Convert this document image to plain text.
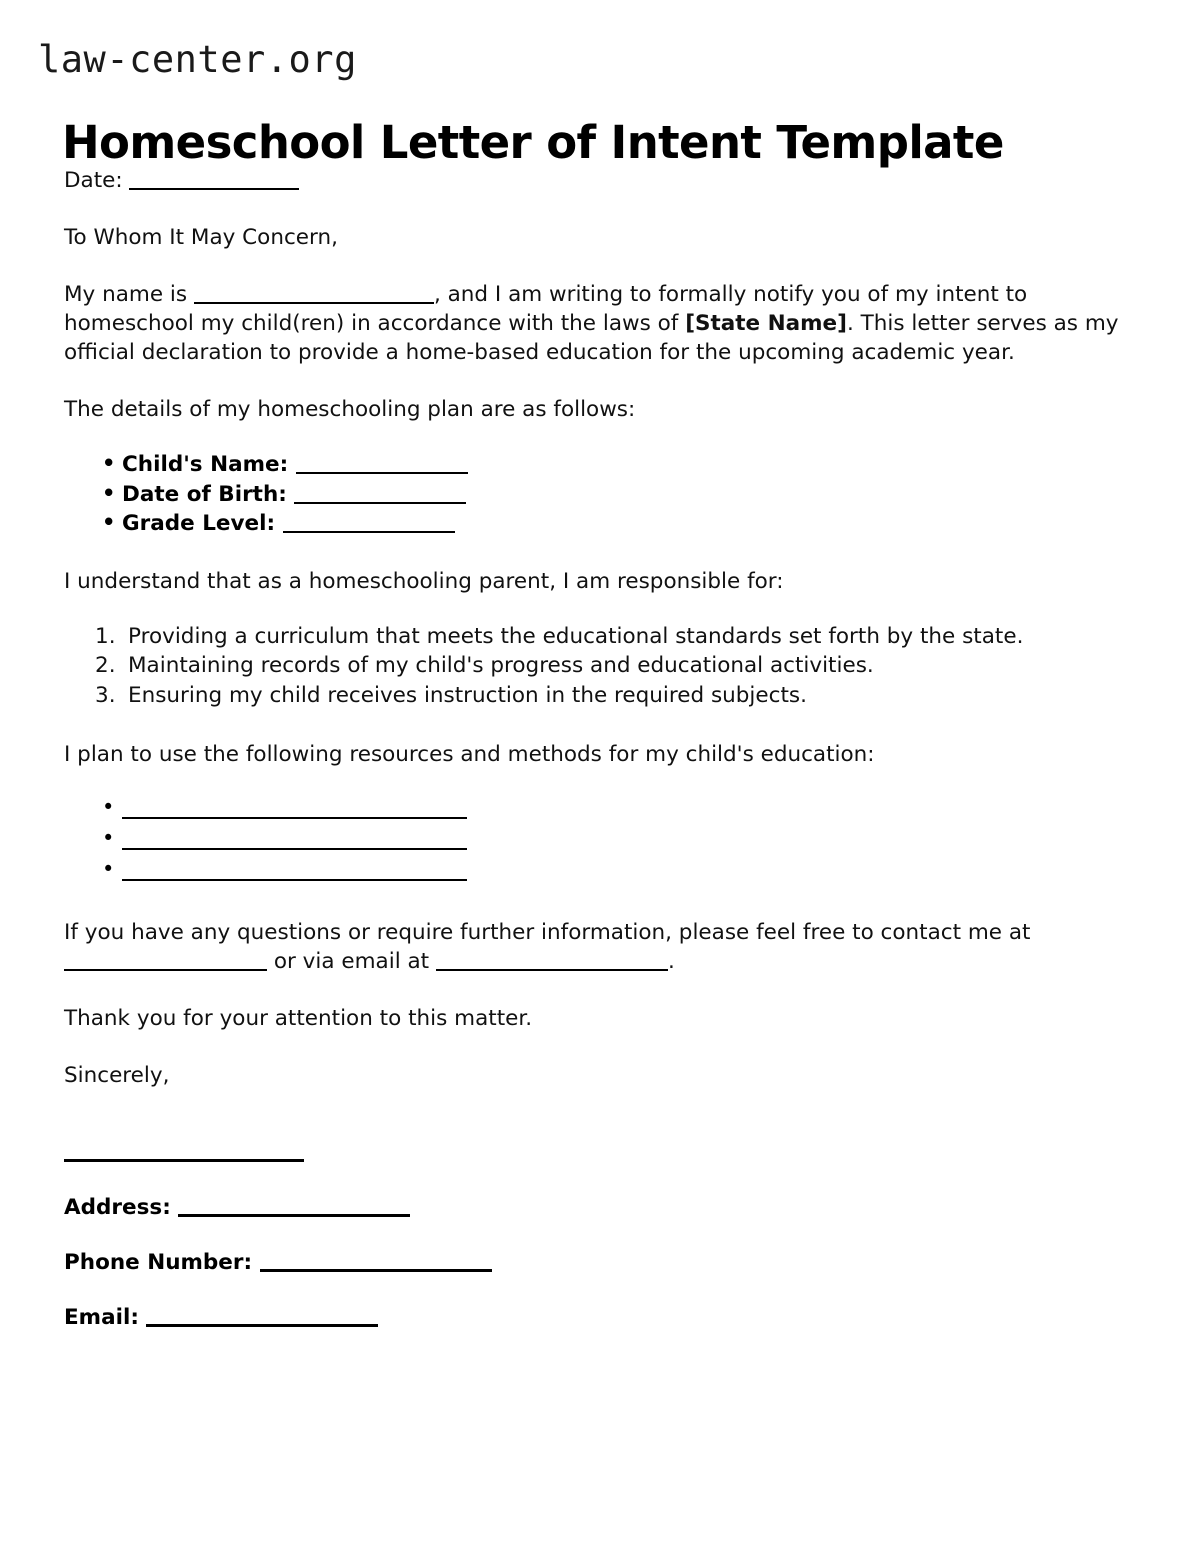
law-center.org
Homeschool Letter of Intent Template

Date:

To Whom It May Concern,

My name is	, and I am writing to formally notify you of my intent to homeschool my child(ren) in accordance with the laws of [State Name]. This letter serves as my official declaration to provide a home-based education for the upcoming academic year.

The details of my homeschooling plan are as follows:

• Child's Name:
• Date of Birth:
• Grade Level:

I understand that as a homeschooling parent, I am responsible for:

Providing a curriculum that meets the educational standards set forth by the state.
Maintaining records of my child's progress and educational activities.
Ensuring my child receives instruction in the required subjects.

I plan to use the following resources and methods for my child's education:

•
•
•

If you have any questions or require further information, please feel free to contact me at  or via email at	.

Thank you for your attention to this matter.

Sincerely,

Address:

Phone Number:

Email:
